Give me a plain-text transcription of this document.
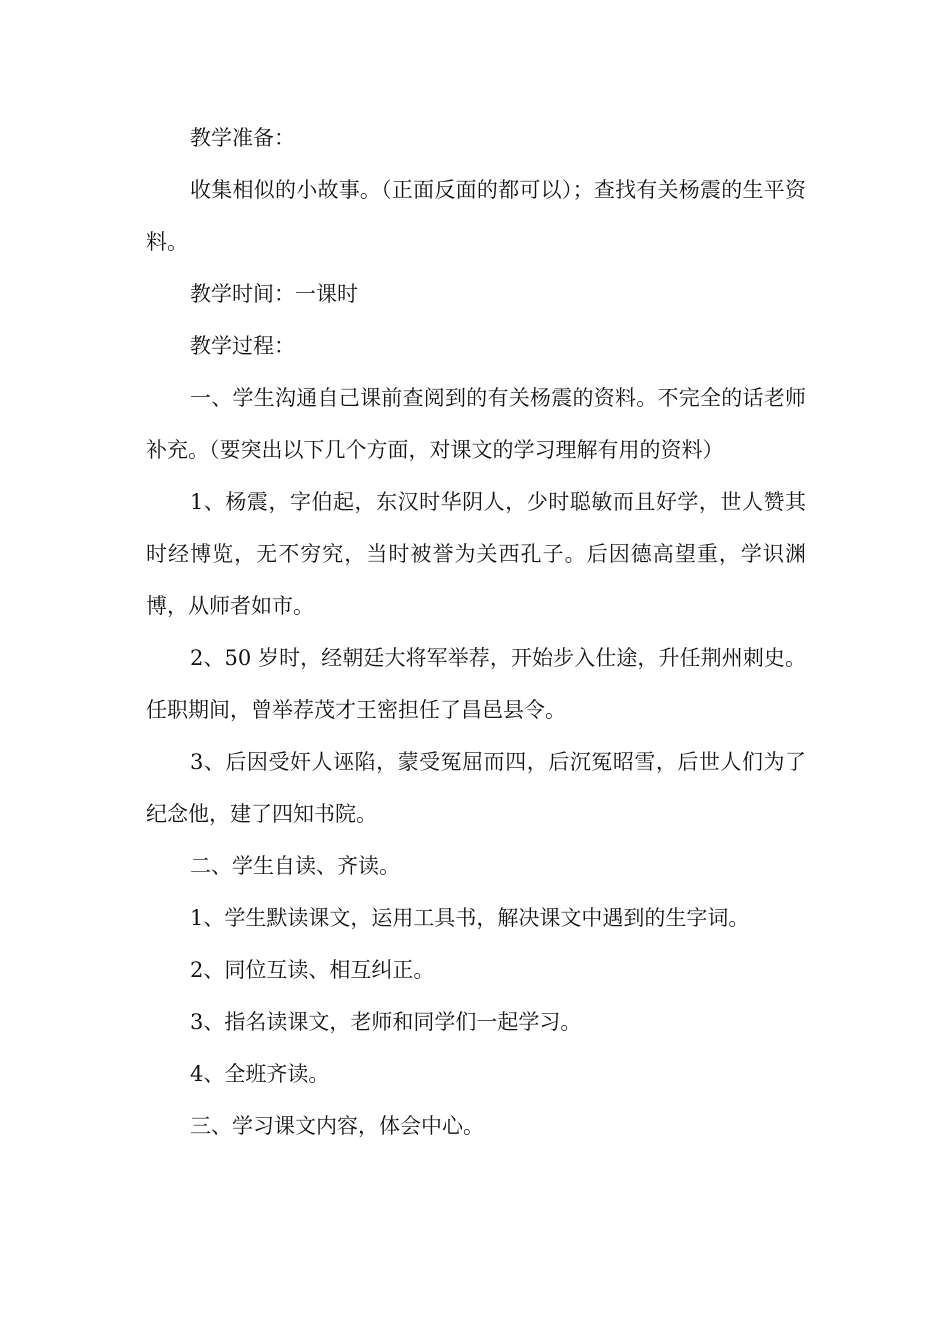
教学准备：

收集相似的小故事。（正面反面的都可以）；查找有关杨震的生平资料。

教学时间：一课时

教学过程：

一、学生沟通自己课前查阅到的有关杨震的资料。不完全的话老师补充。（要突出以下几个方面，对课文的学习理解有用的资料）

1、杨震，字伯起，东汉时华阴人，少时聪敏而且好学，世人赞其时经博览，无不穷究，当时被誉为关西孔子。后因德高望重，学识渊博，从师者如市。

2、50 岁时，经朝廷大将军举荐，开始步入仕途，升任荆州刺史。任职期间，曾举荐茂才王密担任了昌邑县令。

3、后因受奸人诬陷，蒙受冤屈而四，后沉冤昭雪，后世人们为了纪念他，建了四知书院。

二、学生自读、齐读。

1、学生默读课文，运用工具书，解决课文中遇到的生字词。

2、同位互读、相互纠正。

3、指名读课文，老师和同学们一起学习。

4、全班齐读。

三、学习课文内容，体会中心。
